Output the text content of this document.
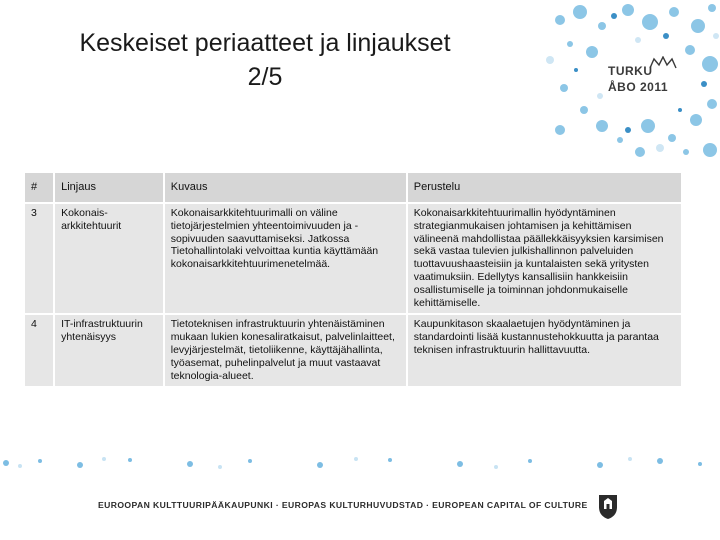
Keskeiset periaatteet ja linjaukset
2/5	TURKU
ÅBO 2011
#	Linjaus	Kuvaus	Perustelu
3	Kokonais-arkkitehtuurit	Kokonaisarkkitehtuurimalli on väline tietojärjestelmien yhteentoimivuuden ja -sopivuuden saavuttamiseksi. Jatkossa Tietohallintolaki velvoittaa kuntia käyttämään kokonaisarkkitehtuurimenetelmää.	Kokonaisarkkitehtuurimallin hyödyntäminen strategianmukaisen johtamisen ja kehittämisen välineenä mahdollistaa päällekkäisyyksien karsimisen sekä vastaa tulevien julkishallinnon palveluiden tuottavuushaasteisiin ja kuntalaisten sekä yritysten vaatimuksiin. Edellytys kansallisiin hankkeisiin osallistumiselle ja toiminnan johdonmukaiselle kehittämiselle.
4	IT-infrastruktuurin yhtenäisyys	Tietoteknisen infrastruktuurin yhtenäistäminen mukaan lukien konesaliratkaisut, palvelinlaitteet, levyjärjestelmät, tietoliikenne, käyttäjähallinta, työasemat, puhelinpalvelut ja muut vastaavat teknologia-alueet.	Kaupunkitason skaalaetujen hyödyntäminen ja standardointi lisää kustannustehokkuutta ja parantaa teknisen infrastruktuurin hallittavuutta.
EUROOPAN KULTTUURIPÄÄKAUPUNKI · EUROPAS KULTURHUVUDSTAD · EUROPEAN CAPITAL OF CULTURE
